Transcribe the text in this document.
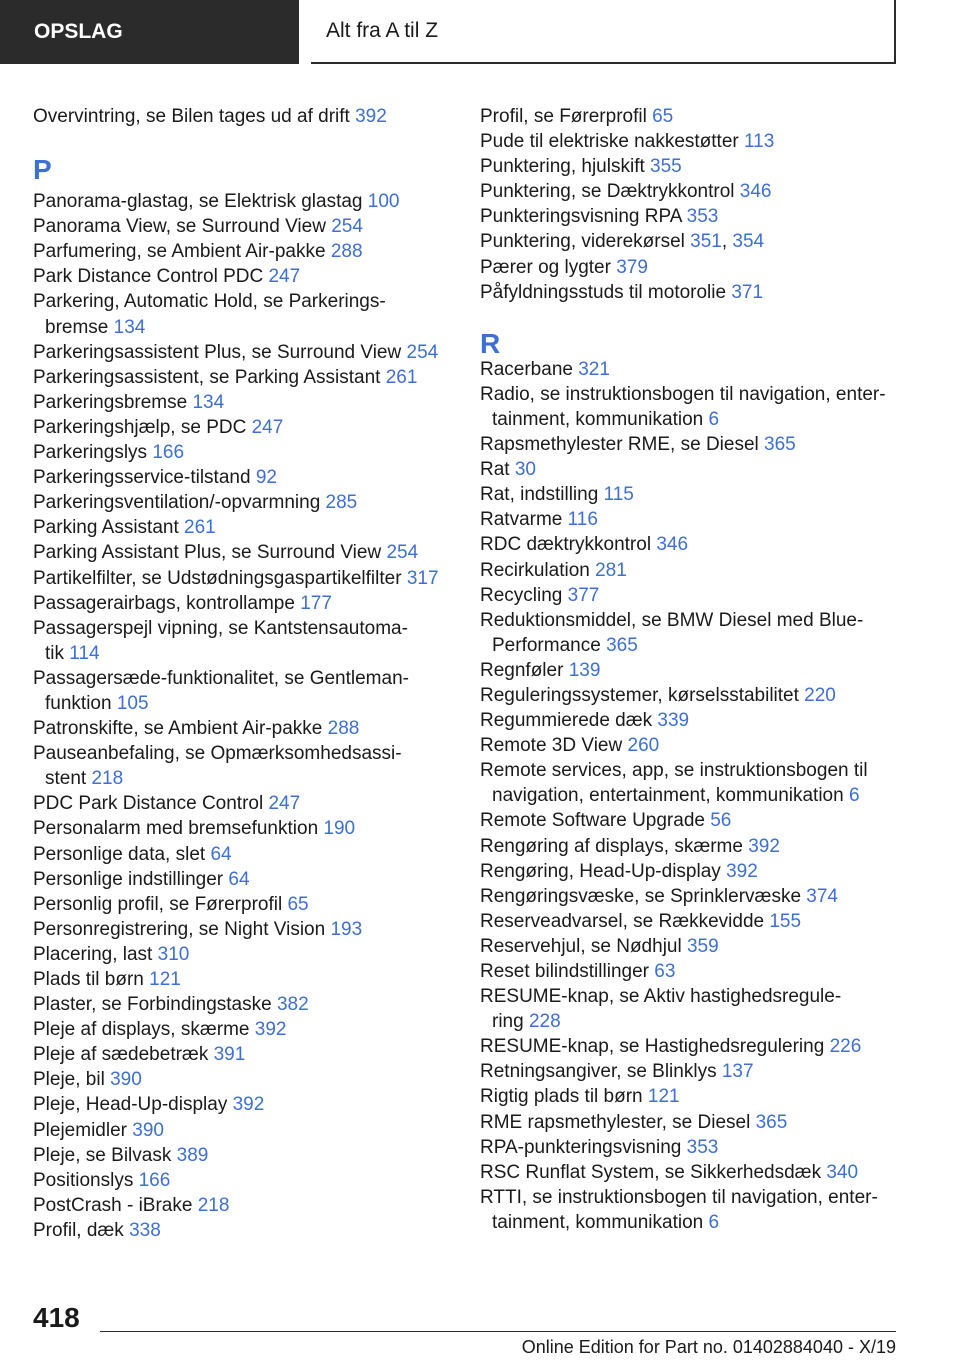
OPSLAG	Alt fra A til Z
Overvintring, se Bilen tages ud af drift 392
P
Panorama-glastag, se Elektrisk glastag 100
Panorama View, se Surround View 254
Parfumering, se Ambient Air-pakke 288
Park Distance Control PDC 247
Parkering, Automatic Hold, se Parkerings-
bremse 134
Parkeringsassistent Plus, se Surround View 254
Parkeringsassistent, se Parking Assistant 261
Parkeringsbremse 134
Parkeringshjælp, se PDC 247
Parkeringslys 166
Parkeringsservice-tilstand 92
Parkeringsventilation/-opvarmning 285
Parking Assistant 261
Parking Assistant Plus, se Surround View 254
Partikelfilter, se Udstødningsgaspartikelfilter 317
Passagerairbags, kontrollampe 177
Passagerspejl vipning, se Kantstensautoma-
tik 114
Passagersæde-funktionalitet, se Gentleman-
funktion 105
Patronskifte, se Ambient Air-pakke 288
Pauseanbefaling, se Opmærksomhedsassi-
stent 218
PDC Park Distance Control 247
Personalarm med bremsefunktion 190
Personlige data, slet 64
Personlige indstillinger 64
Personlig profil, se Førerprofil 65
Personregistrering, se Night Vision 193
Placering, last 310
Plads til børn 121
Plaster, se Forbindingstaske 382
Pleje af displays, skærme 392
Pleje af sædebetræk 391
Pleje, bil 390
Pleje, Head-Up-display 392
Plejemidler 390
Pleje, se Bilvask 389
Positionslys 166
PostCrash - iBrake 218
Profil, dæk 338
Profil, se Førerprofil 65
Pude til elektriske nakkestøtter 113
Punktering, hjulskift 355
Punktering, se Dæktrykkontrol 346
Punkteringsvisning RPA 353
Punktering, viderekørsel 351, 354
Pærer og lygter 379
Påfyldningsstuds til motorolie 371
R
Racerbane 321
Radio, se instruktionsbogen til navigation, enter-
tainment, kommunikation 6
Rapsmethylester RME, se Diesel 365
Rat 30
Rat, indstilling 115
Ratvarme 116
RDC dæktrykkontrol 346
Recirkulation 281
Recycling 377
Reduktionsmiddel, se BMW Diesel med Blue-
Performance 365
Regnføler 139
Reguleringssystemer, kørselsstabilitet 220
Regummierede dæk 339
Remote 3D View 260
Remote services, app, se instruktionsbogen til
navigation, entertainment, kommunikation 6
Remote Software Upgrade 56
Rengøring af displays, skærme 392
Rengøring, Head-Up-display 392
Rengøringsvæske, se Sprinklervæske 374
Reserveadvarsel, se Rækkevidde 155
Reservehjul, se Nødhjul 359
Reset bilindstillinger 63
RESUME-knap, se Aktiv hastighedsregule-
ring 228
RESUME-knap, se Hastighedsregulering 226
Retningsangiver, se Blinklys 137
Rigtig plads til børn 121
RME rapsmethylester, se Diesel 365
RPA-punkteringsvisning 353
RSC Runflat System, se Sikkerhedsdæk 340
RTTI, se instruktionsbogen til navigation, enter-
tainment, kommunikation 6
418
Online Edition for Part no. 01402884040 - X/19
